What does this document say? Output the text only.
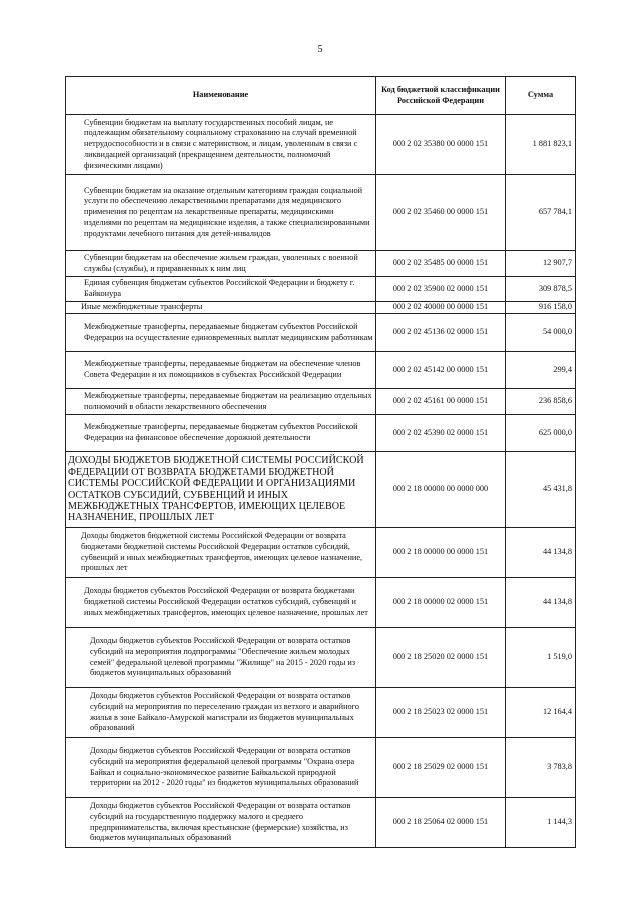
5
Наименование	Код бюджетной классификации Российской Федерации	Сумма
Субвенции бюджетам на выплату государственных пособий лицам, не подлежащим обязательному социальному страхованию на случай временной нетрудоспособности и в связи с материнством, и лицам, уволенным в связи с ликвидацией организаций (прекращением деятельности, полномочий физическими лицами)	000 2 02 35380 00 0000 151	1 881 823,1
Субвенции бюджетам на оказание отдельным категориям граждан социальной услуги по обеспечению лекарственными препаратами для медицинского применения по рецептам на лекарственные препараты, медицинскими изделиями по рецептам на медицинские изделия, а также специализированными продуктами лечебного питания для детей-инвалидов	000 2 02 35460 00 0000 151	657 784,1
Субвенции бюджетам на обеспечение жильем граждан, уволенных с военной службы (службы), и приравненных к ним лиц	000 2 02 35485 00 0000 151	12 907,7
Единая субвенция бюджетам субъектов Российской Федерации и бюджету г. Байконура	000 2 02 35900 02 0000 151	309 878,5
Иные межбюджетные трансферты	000 2 02 40000 00 0000 151	916 158,0
Межбюджетные трансферты, передаваемые бюджетам субъектов Российской Федерации на осуществление единовременных выплат медицинским работникам	000 2 02 45136 02 0000 151	54 000,0
Межбюджетные трансферты, передаваемые бюджетам на обеспечение членов Совета Федерации и их помощников в субъектах Российской Федерации	000 2 02 45142 00 0000 151	299,4
Межбюджетные трансферты, передаваемые бюджетам на реализацию отдельных полномочий в области лекарственного обеспечения	000 2 02 45161 00 0000 151	236 858,6
Межбюджетные трансферты, передаваемые бюджетам субъектов Российской Федерации на финансовое обеспечение дорожной деятельности	000 2 02 45390 02 0000 151	625 000,0
ДОХОДЫ БЮДЖЕТОВ БЮДЖЕТНОЙ СИСТЕМЫ РОССИЙСКОЙ ФЕДЕРАЦИИ ОТ ВОЗВРАТА БЮДЖЕТАМИ БЮДЖЕТНОЙ СИСТЕМЫ РОССИЙСКОЙ ФЕДЕРАЦИИ И ОРГАНИЗАЦИЯМИ ОСТАТКОВ СУБСИДИЙ, СУБВЕНЦИЙ И ИНЫХ МЕЖБЮДЖЕТНЫХ ТРАНСФЕРТОВ, ИМЕЮЩИХ ЦЕЛЕВОЕ НАЗНАЧЕНИЕ, ПРОШЛЫХ ЛЕТ	000 2 18 00000 00 0000 000	45 431,8
Доходы бюджетов бюджетной системы Российской Федерации от возврата бюджетами бюджетной системы Российской Федерации остатков субсидий, субвенций и иных межбюджетных трансфертов, имеющих целевое назначение, прошлых лет	000 2 18 00000 00 0000 151	44 134,8
Доходы бюджетов субъектов Российской Федерации от возврата бюджетами бюджетной системы Российской Федерации остатков субсидий, субвенций и иных межбюджетных трансфертов, имеющих целевое назначение, прошлых лет	000 2 18 00000 02 0000 151	44 134,8
Доходы бюджетов субъектов Российской Федерации от возврата остатков субсидий на мероприятия подпрограммы "Обеспечение жильем молодых семей" федеральной целевой программы "Жилище" на 2015 - 2020 годы из бюджетов муниципальных образований	000 2 18 25020 02 0000 151	1 519,0
Доходы бюджетов субъектов Российской Федерации от возврата остатков субсидий на мероприятия по переселению граждан из ветхого и аварийного жилья в зоне Байкало-Амурской магистрали из бюджетов муниципальных образований	000 2 18 25023 02 0000 151	12 164,4
Доходы бюджетов субъектов Российской Федерации от возврата остатков субсидий на мероприятия федеральной целевой программы "Охрана озера Байкал и социально-экономическое развитие Байкальской природной территории на 2012 - 2020 годы" из бюджетов муниципальных образований	000 2 18 25029 02 0000 151	3 783,8
Доходы бюджетов субъектов Российской Федерации от возврата остатков субсидий на государственную поддержку малого и среднего предпринимательства, включая крестьянские (фермерские) хозяйства, из бюджетов муниципальных образований	000 2 18 25064 02 0000 151	1 144,3
